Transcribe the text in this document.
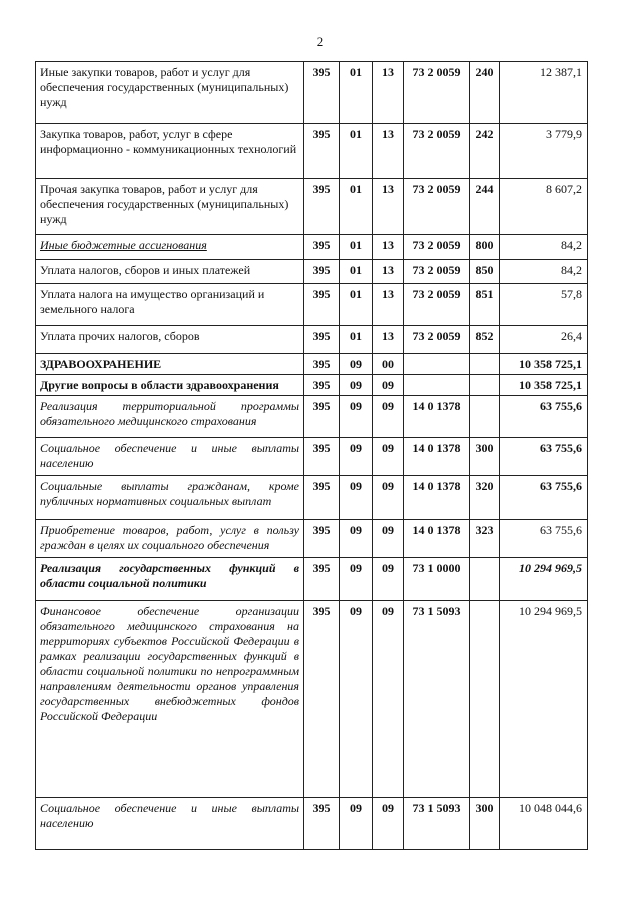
2
Иные закупки товаров, работ и услуг для обеспечения государственных (муниципальных) нужд	395	01	13	73 2 0059	240	12 387,1
Закупка товаров, работ, услуг в сфере информационно - коммуникационных технологий	395	01	13	73 2 0059	242	3 779,9
Прочая закупка товаров, работ и услуг для обеспечения государственных (муниципальных) нужд	395	01	13	73 2 0059	244	8 607,2
Иные бюджетные ассигнования	395	01	13	73 2 0059	800	84,2
Уплата налогов, сборов и иных платежей	395	01	13	73 2 0059	850	84,2
Уплата налога на имущество организаций и земельного налога	395	01	13	73 2 0059	851	57,8
Уплата прочих налогов, сборов	395	01	13	73 2 0059	852	26,4
ЗДРАВООХРАНЕНИЕ	395	09	00			10 358 725,1
Другие вопросы в области здравоохранения	395	09	09			10 358 725,1
Реализация территориальной программы обязательного медицинского страхования	395	09	09	14 0 1378		63 755,6
Социальное обеспечение и иные выплаты населению	395	09	09	14 0 1378	300	63 755,6
Социальные выплаты гражданам, кроме публичных нормативных социальных выплат	395	09	09	14 0 1378	320	63 755,6
Приобретение товаров, работ, услуг в пользу граждан в целях их социального обеспечения	395	09	09	14 0 1378	323	63 755,6
Реализация государственных функций в области социальной политики	395	09	09	73 1 0000		10 294 969,5
Финансовое обеспечение организации обязательного медицинского страхования на территориях субъектов Российской Федерации в рамках реализации государственных функций в области социальной политики по непрограммным направлениям деятельности органов управления государственных внебюджетных фондов Российской Федерации	395	09	09	73 1 5093		10 294 969,5
Социальное обеспечение и иные выплаты населению	395	09	09	73 1 5093	300	10 048 044,6
